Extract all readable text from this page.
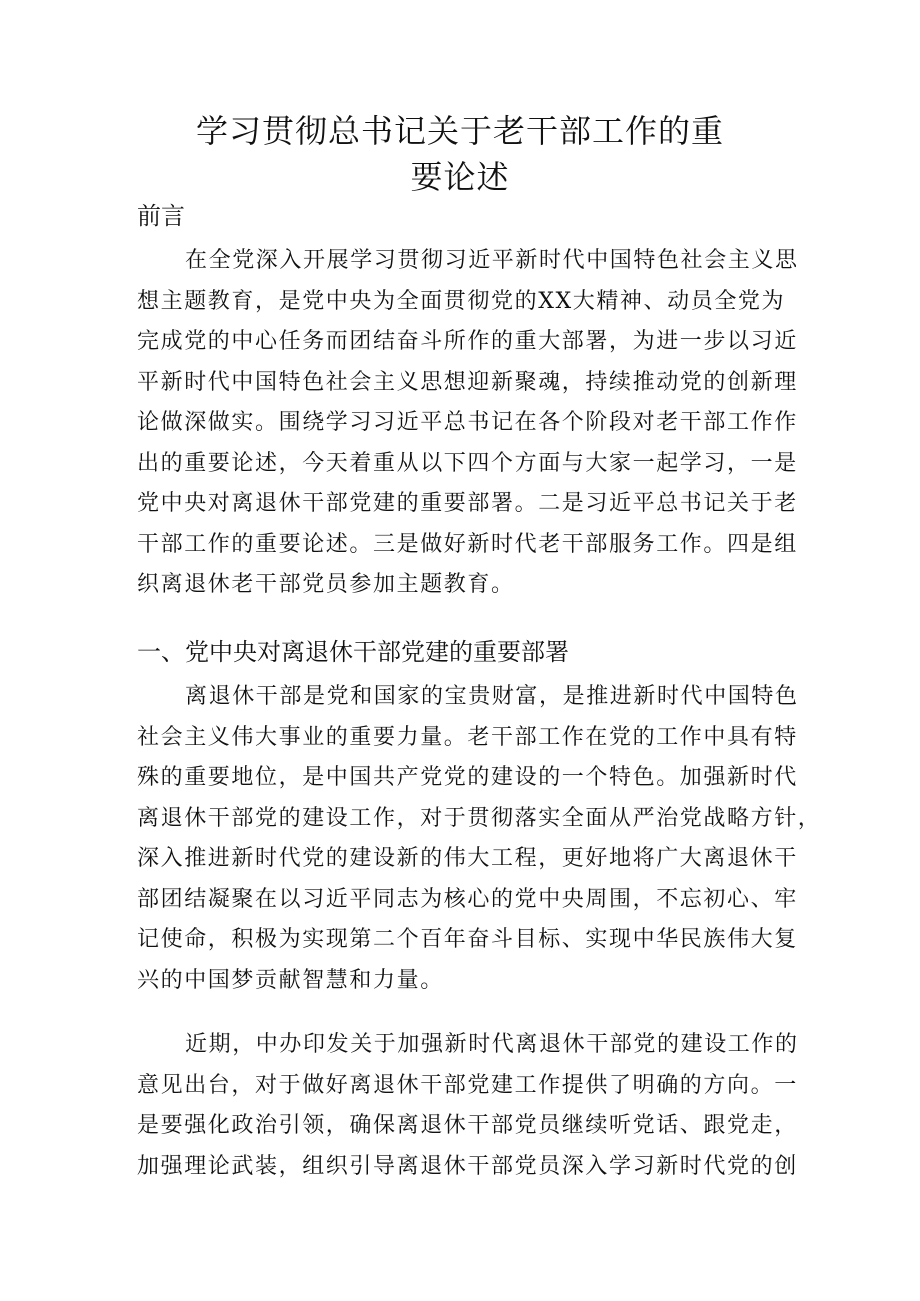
学习贯彻总书记关于老干部工作的重
要论述
前言
在全党深入开展学习贯彻习近平新时代中国特色社会主义思
想主题教育，是党中央为全面贯彻党的XX大精神、动员全党为
完成党的中心任务而团结奋斗所作的重大部署，为进一步以习近
平新时代中国特色社会主义思想迎新聚魂，持续推动党的创新理
论做深做实。围绕学习习近平总书记在各个阶段对老干部工作作
出的重要论述，今天着重从以下四个方面与大家一起学习，一是
党中央对离退休干部党建的重要部署。二是习近平总书记关于老
干部工作的重要论述。三是做好新时代老干部服务工作。四是组
织离退休老干部党员参加主题教育。
一、党中央对离退休干部党建的重要部署
离退休干部是党和国家的宝贵财富，是推进新时代中国特色
社会主义伟大事业的重要力量。老干部工作在党的工作中具有特
殊的重要地位，是中国共产党党的建设的一个特色。加强新时代
离退休干部党的建设工作，对于贯彻落实全面从严治党战略方针，
深入推进新时代党的建设新的伟大工程，更好地将广大离退休干
部团结凝聚在以习近平同志为核心的党中央周围，不忘初心、牢
记使命，积极为实现第二个百年奋斗目标、实现中华民族伟大复
兴的中国梦贡献智慧和力量。
近期，中办印发关于加强新时代离退休干部党的建设工作的
意见出台，对于做好离退休干部党建工作提供了明确的方向。一
是要强化政治引领，确保离退休干部党员继续听党话、跟党走，
加强理论武装，组织引导离退休干部党员深入学习新时代党的创
